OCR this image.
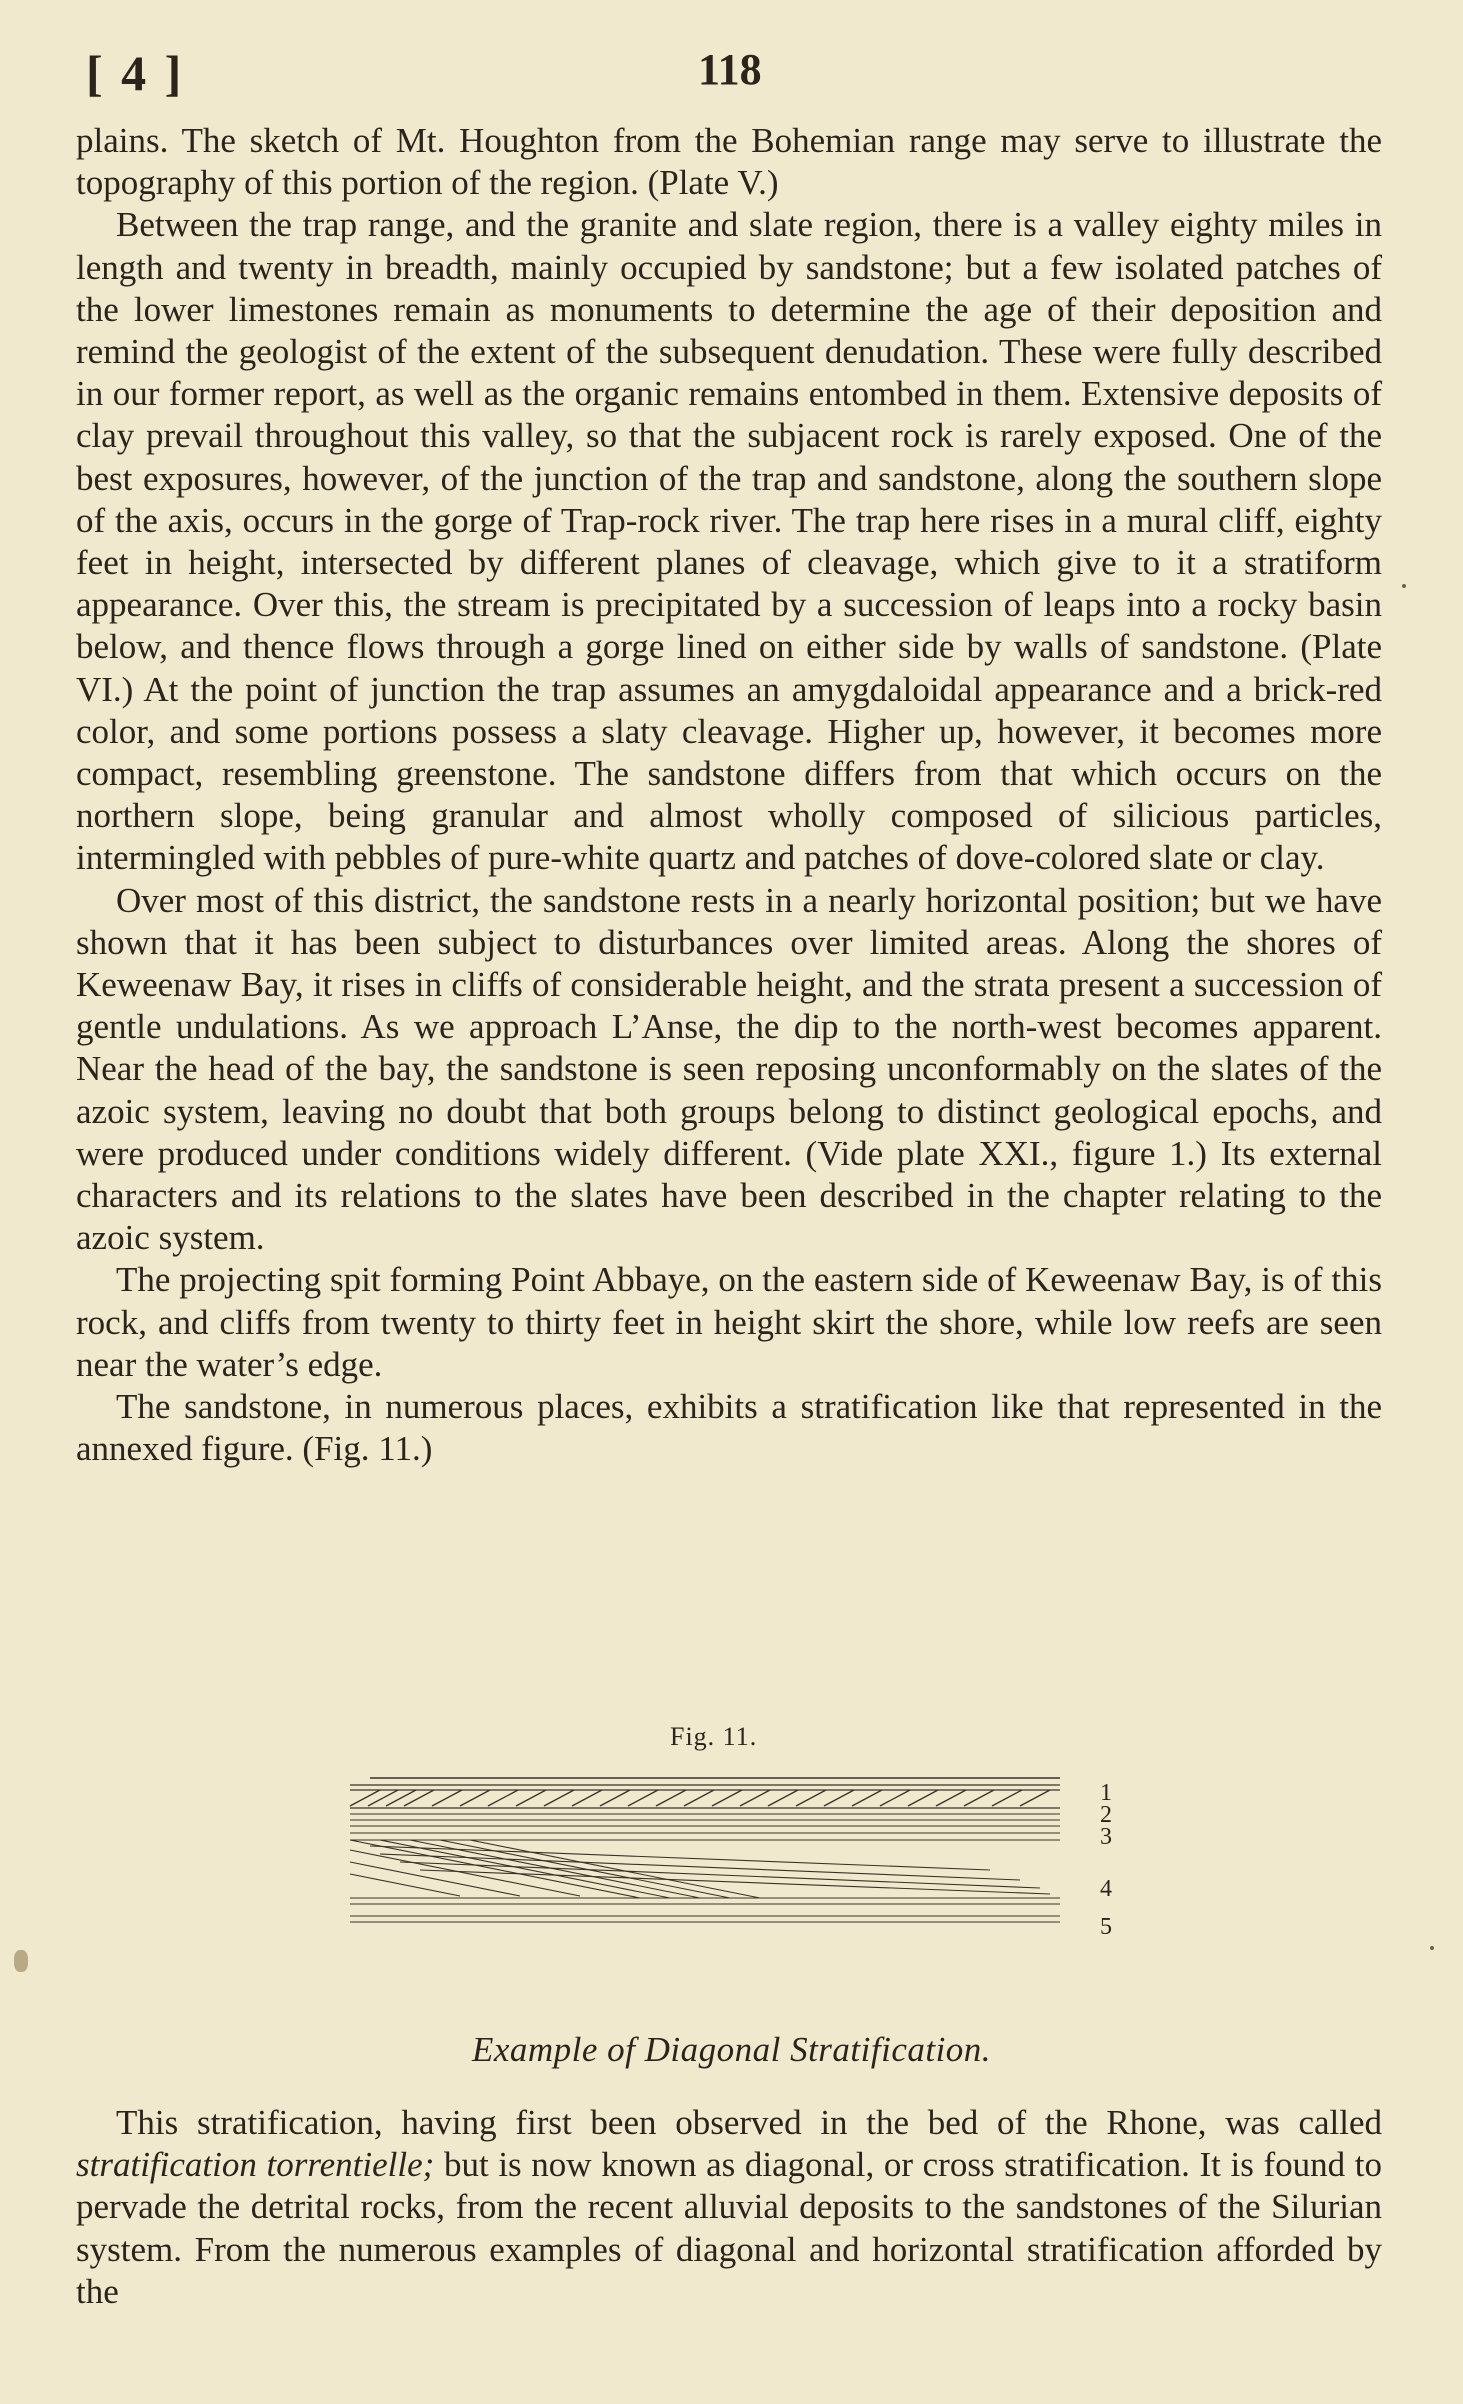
[ 4 ]	118

plains. The sketch of Mt. Houghton from the Bohemian range may serve to illustrate the topography of this portion of the region. (Plate V.)

Between the trap range, and the granite and slate region, there is a valley eighty miles in length and twenty in breadth, mainly occupied by sandstone; but a few isolated patches of the lower limestones remain as monuments to determine the age of their deposition and remind the geologist of the extent of the subsequent denudation. These were fully described in our former report, as well as the organic remains entombed in them. Extensive deposits of clay prevail throughout this valley, so that the subjacent rock is rarely exposed. One of the best exposures, however, of the junction of the trap and sandstone, along the southern slope of the axis, occurs in the gorge of Trap-rock river. The trap here rises in a mural cliff, eighty feet in height, intersected by different planes of cleavage, which give to it a stratiform appearance. Over this, the stream is precipitated by a succession of leaps into a rocky basin below, and thence flows through a gorge lined on either side by walls of sandstone. (Plate VI.) At the point of junction the trap assumes an amygdaloidal appearance and a brick-red color, and some portions possess a slaty cleavage. Higher up, however, it becomes more compact, resembling greenstone. The sandstone differs from that which occurs on the northern slope, being granular and almost wholly composed of silicious particles, intermingled with pebbles of pure-white quartz and patches of dove-colored slate or clay.

Over most of this district, the sandstone rests in a nearly horizontal position; but we have shown that it has been subject to disturbances over limited areas. Along the shores of Keweenaw Bay, it rises in cliffs of considerable height, and the strata present a succession of gentle undulations. As we approach L’Anse, the dip to the north-west becomes apparent. Near the head of the bay, the sandstone is seen reposing unconformably on the slates of the azoic system, leaving no doubt that both groups belong to distinct geological epochs, and were produced under conditions widely different. (Vide plate XXI., figure 1.) Its external characters and its relations to the slates have been described in the chapter relating to the azoic system.

The projecting spit forming Point Abbaye, on the eastern side of Keweenaw Bay, is of this rock, and cliffs from twenty to thirty feet in height skirt the shore, while low reefs are seen near the water’s edge.

The sandstone, in numerous places, exhibits a stratification like that represented in the annexed figure. (Fig. 11.)

Fig. 11.
1
2
3
4
5
Example of Diagonal Stratification.

This stratification, having first been observed in the bed of the Rhone, was called stratification torrentielle; but is now known as diagonal, or cross stratification. It is found to pervade the detrital rocks, from the recent alluvial deposits to the sandstones of the Silurian system. From the numerous examples of diagonal and horizontal stratification afforded by the
